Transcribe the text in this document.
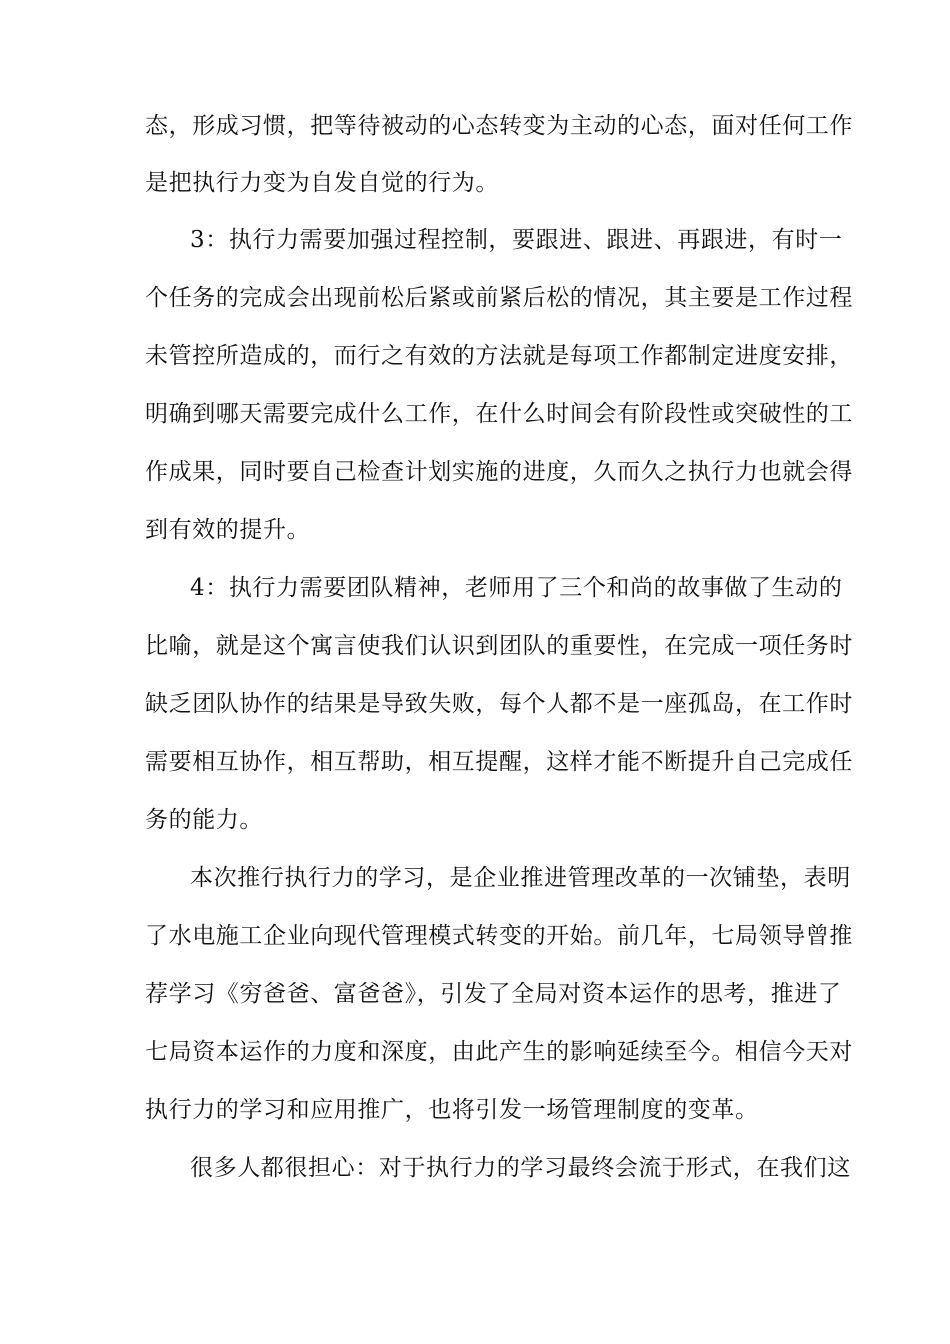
态，形成习惯，把等待被动的心态转变为主动的心态，面对任何工作
是把执行力变为自发自觉的行为。
3：执行力需要加强过程控制，要跟进、跟进、再跟进，有时一
个任务的完成会出现前松后紧或前紧后松的情况，其主要是工作过程
未管控所造成的，而行之有效的方法就是每项工作都制定进度安排，
明确到哪天需要完成什么工作，在什么时间会有阶段性或突破性的工
作成果，同时要自己检查计划实施的进度，久而久之执行力也就会得
到有效的提升。
4：执行力需要团队精神，老师用了三个和尚的故事做了生动的
比喻，就是这个寓言使我们认识到团队的重要性，在完成一项任务时
缺乏团队协作的结果是导致失败，每个人都不是一座孤岛，在工作时
需要相互协作，相互帮助，相互提醒，这样才能不断提升自己完成任
务的能力。
本次推行执行力的学习，是企业推进管理改革的一次铺垫，表明
了水电施工企业向现代管理模式转变的开始。前几年，七局领导曾推
荐学习《穷爸爸、富爸爸》，引发了全局对资本运作的思考，推进了
七局资本运作的力度和深度，由此产生的影响延续至今。相信今天对
执行力的学习和应用推广，也将引发一场管理制度的变革。
很多人都很担心：对于执行力的学习最终会流于形式，在我们这
